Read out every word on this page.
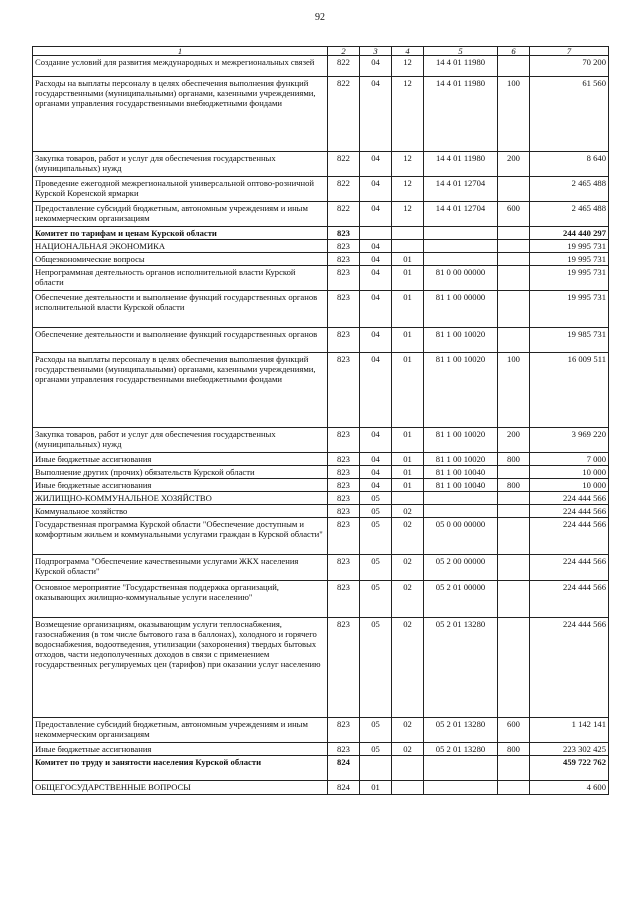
92
1	2	3	4	5	6	7
Создание условий для развития международных и межрегиональных связей	822	04	12	14 4 01 11980		70 200
Расходы на выплаты персоналу в целях обеспечения выполнения функций государственными (муниципальными) органами, казенными учреждениями, органами управления государственными внебюджетными фондами	822	04	12	14 4 01 11980	100	61 560
Закупка товаров, работ и услуг для обеспечения государственных (муниципальных) нужд	822	04	12	14 4 01 11980	200	8 640
Проведение ежегодной межрегиональной универсальной оптово-розничной Курской Коренской ярмарки	822	04	12	14 4 01 12704		2 465 488
Предоставление субсидий бюджетным, автономным учреждениям и иным некоммерческим организациям	822	04	12	14 4 01 12704	600	2 465 488
Комитет по тарифам и ценам Курской области	823					244 440 297
НАЦИОНАЛЬНАЯ ЭКОНОМИКА	823	04				19 995 731
Общеэкономические вопросы	823	04	01			19 995 731
Непрограммная деятельность органов исполнительной власти Курской области	823	04	01	81 0 00 00000		19 995 731
Обеспечение деятельности и выполнение функций государственных органов исполнительной власти Курской области	823	04	01	81 1 00 00000		19 995 731
Обеспечение деятельности и выполнение функций государственных органов	823	04	01	81 1 00 10020		19 985 731
Расходы на выплаты персоналу в целях обеспечения выполнения функций государственными (муниципальными) органами, казенными учреждениями, органами управления государственными внебюджетными фондами	823	04	01	81 1 00 10020	100	16 009 511
Закупка товаров, работ и услуг для обеспечения государственных (муниципальных) нужд	823	04	01	81 1 00 10020	200	3 969 220
Иные бюджетные ассигнования	823	04	01	81 1 00 10020	800	7 000
Выполнение других (прочих) обязательств Курской области	823	04	01	81 1 00 10040		10 000
Иные бюджетные ассигнования	823	04	01	81 1 00 10040	800	10 000
ЖИЛИЩНО-КОММУНАЛЬНОЕ ХОЗЯЙСТВО	823	05				224 444 566
Коммунальное хозяйство	823	05	02			224 444 566
Государственная программа Курской области "Обеспечение доступным и комфортным жильем и коммунальными услугами граждан в Курской области"	823	05	02	05 0 00 00000		224 444 566
Подпрограмма "Обеспечение качественными услугами ЖКХ населения Курской области"	823	05	02	05 2 00 00000		224 444 566
Основное мероприятие "Государственная поддержка организаций, оказывающих жилищно-коммунальные услуги населению"	823	05	02	05 2 01 00000		224 444 566
Возмещение организациям, оказывающим услуги теплоснабжения, газоснабжения (в том числе бытового газа в баллонах), холодного и горячего водоснабжения, водоотведения, утилизации (захоронения) твердых бытовых отходов, части недополученных доходов в связи с применением государственных регулируемых цен (тарифов) при оказании услуг населению	823	05	02	05 2 01 13280		224 444 566
Предоставление субсидий бюджетным, автономным учреждениям и иным некоммерческим организациям	823	05	02	05 2 01 13280	600	1 142 141
Иные бюджетные ассигнования	823	05	02	05 2 01 13280	800	223 302 425
Комитет по труду и занятости населения Курской области	824					459 722 762
ОБЩЕГОСУДАРСТВЕННЫЕ ВОПРОСЫ	824	01				4 600
